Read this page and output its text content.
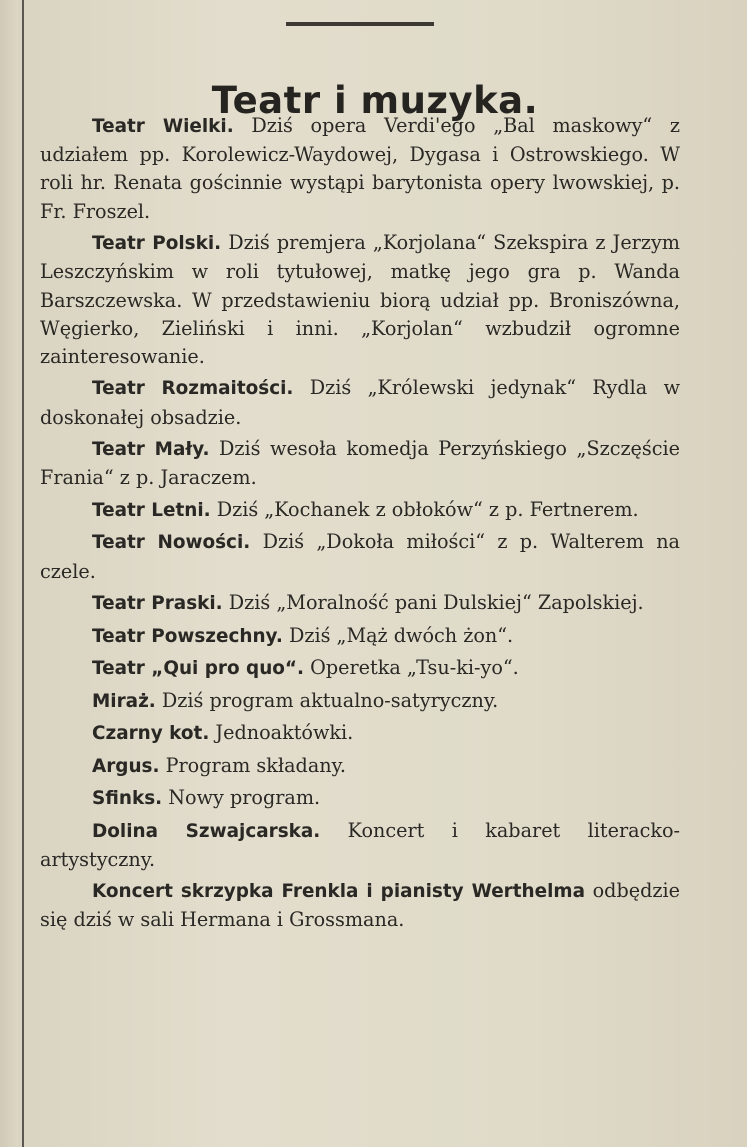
Teatr i muzyka.

Teatr Wielki. Dziś opera Verdi'ego „Bal maskowy“ z udziałem pp. Korolewicz-Waydowej, Dygasa i Ostrowskiego. W roli hr. Renata gościnnie wystąpi barytonista opery lwowskiej, p. Fr. Froszel.

Teatr Polski. Dziś premjera „Korjolana“ Szekspira z Jerzym Leszczyńskim w roli tytułowej, matkę jego gra p. Wanda Barszczewska. W przedstawieniu biorą udział pp. Broniszówna, Węgierko, Zieliński i inni. „Korjolan“ wzbudził ogromne zainteresowanie.

Teatr Rozmaitości. Dziś „Królewski jedynak“ Rydla w doskonałej obsadzie.

Teatr Mały. Dziś wesoła komedja Perzyńskiego „Szczęście Frania“ z p. Jaraczem.

Teatr Letni. Dziś „Kochanek z obłoków“ z p. Fertnerem.

Teatr Nowości. Dziś „Dokoła miłości“ z p. Walterem na czele.

Teatr Praski. Dziś „Moralność pani Dulskiej“ Zapolskiej.

Teatr Powszechny. Dziś „Mąż dwóch żon“.

Teatr „Qui pro quo“. Operetka „Tsu-ki-yo“.

Miraż. Dziś program aktualno-satyryczny.

Czarny kot. Jednoaktówki.

Argus. Program składany.

Sfinks. Nowy program.

Dolina Szwajcarska. Koncert i kabaret literacko-artystyczny.

Koncert skrzypka Frenkla i pianisty Werthelma odbędzie się dziś w sali Hermana i Grossmana.
